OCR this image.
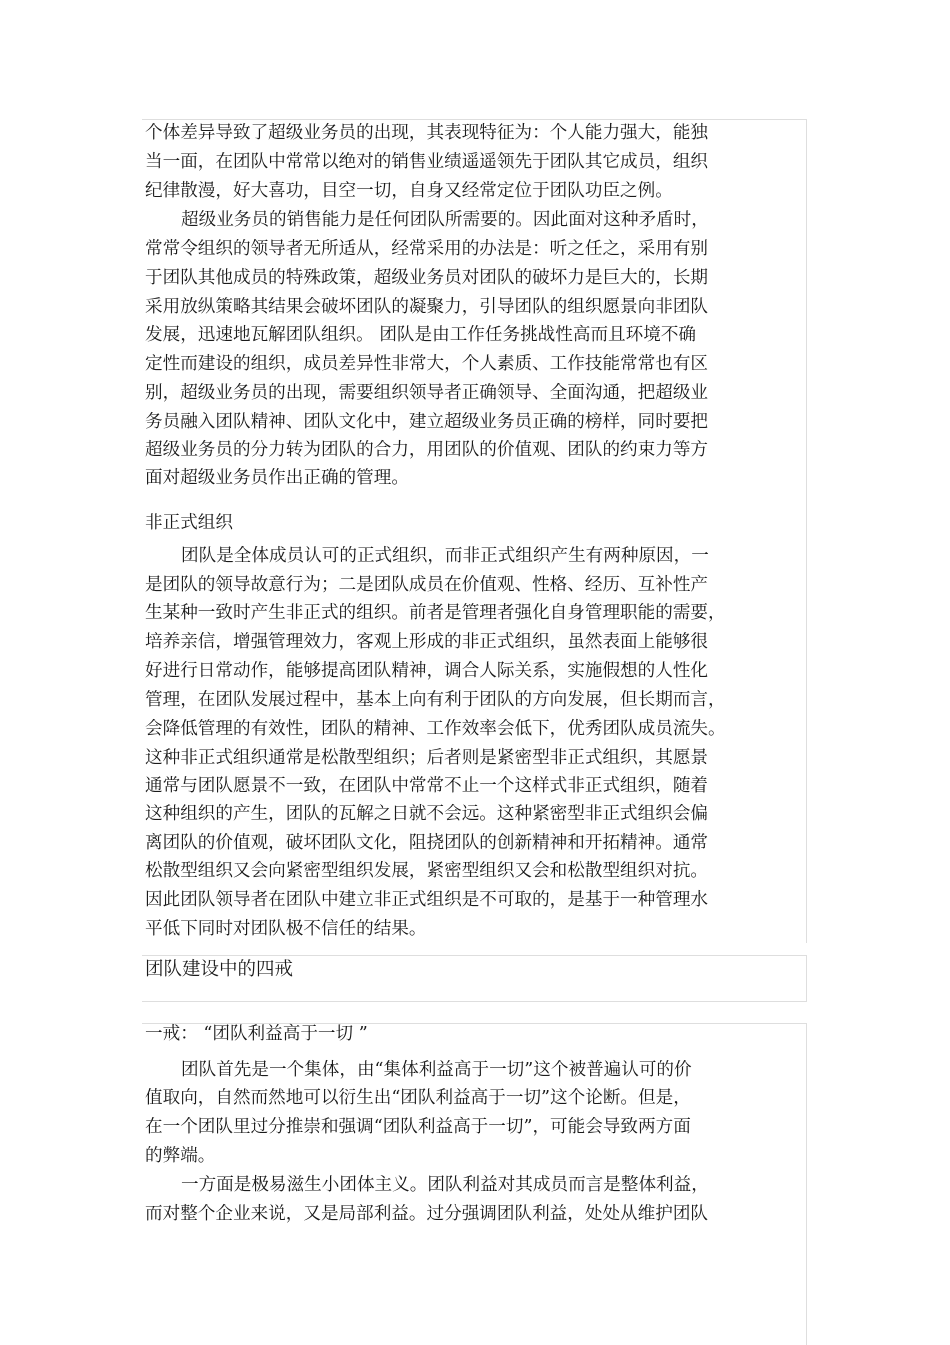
个体差异导致了超级业务员的出现，其表现特征为：个人能力强大，能独

当一面，在团队中常常以绝对的销售业绩遥遥领先于团队其它成员，组织

纪律散漫，好大喜功，目空一切，自身又经常定位于团队功臣之例。

超级业务员的销售能力是任何团队所需要的。因此面对这种矛盾时，

常常令组织的领导者无所适从，经常采用的办法是：听之任之，采用有别

于团队其他成员的特殊政策，超级业务员对团队的破坏力是巨大的，长期

采用放纵策略其结果会破坏团队的凝聚力，引导团队的组织愿景向非团队

发展，迅速地瓦解团队组织。 团队是由工作任务挑战性高而且环境不确

定性而建设的组织，成员差异性非常大，个人素质、工作技能常常也有区

别，超级业务员的出现，需要组织领导者正确领导、全面沟通，把超级业

务员融入团队精神、团队文化中，建立超级业务员正确的榜样，同时要把

超级业务员的分力转为团队的合力，用团队的价值观、团队的约束力等方

面对超级业务员作出正确的管理。

非正式组织

团队是全体成员认可的正式组织，而非正式组织产生有两种原因，一

是团队的领导故意行为；二是团队成员在价值观、性格、经历、互补性产

生某种一致时产生非正式的组织。前者是管理者强化自身管理职能的需要，

培养亲信，增强管理效力，客观上形成的非正式组织，虽然表面上能够很

好进行日常动作，能够提高团队精神，调合人际关系，实施假想的人性化

管理，在团队发展过程中，基本上向有利于团队的方向发展，但长期而言，

会降低管理的有效性，团队的精神、工作效率会低下，优秀团队成员流失。

这种非正式组织通常是松散型组织；后者则是紧密型非正式组织，其愿景

通常与团队愿景不一致，在团队中常常不止一个这样式非正式组织，随着

这种组织的产生，团队的瓦解之日就不会远。这种紧密型非正式组织会偏

离团队的价值观，破坏团队文化，阻挠团队的创新精神和开拓精神。通常

松散型组织又会向紧密型组织发展，紧密型组织又会和松散型组织对抗。

因此团队领导者在团队中建立非正式组织是不可取的，是基于一种管理水

平低下同时对团队极不信任的结果。

团队建设中的四戒

一戒： “团队利益高于一切 ”

团队首先是一个集体，由“集体利益高于一切”这个被普遍认可的价

值取向，自然而然地可以衍生出“团队利益高于一切”这个论断。但是，

在一个团队里过分推崇和强调“团队利益高于一切”，可能会导致两方面

的弊端。

一方面是极易滋生小团体主义。团队利益对其成员而言是整体利益，

而对整个企业来说，又是局部利益。过分强调团队利益，处处从维护团队
